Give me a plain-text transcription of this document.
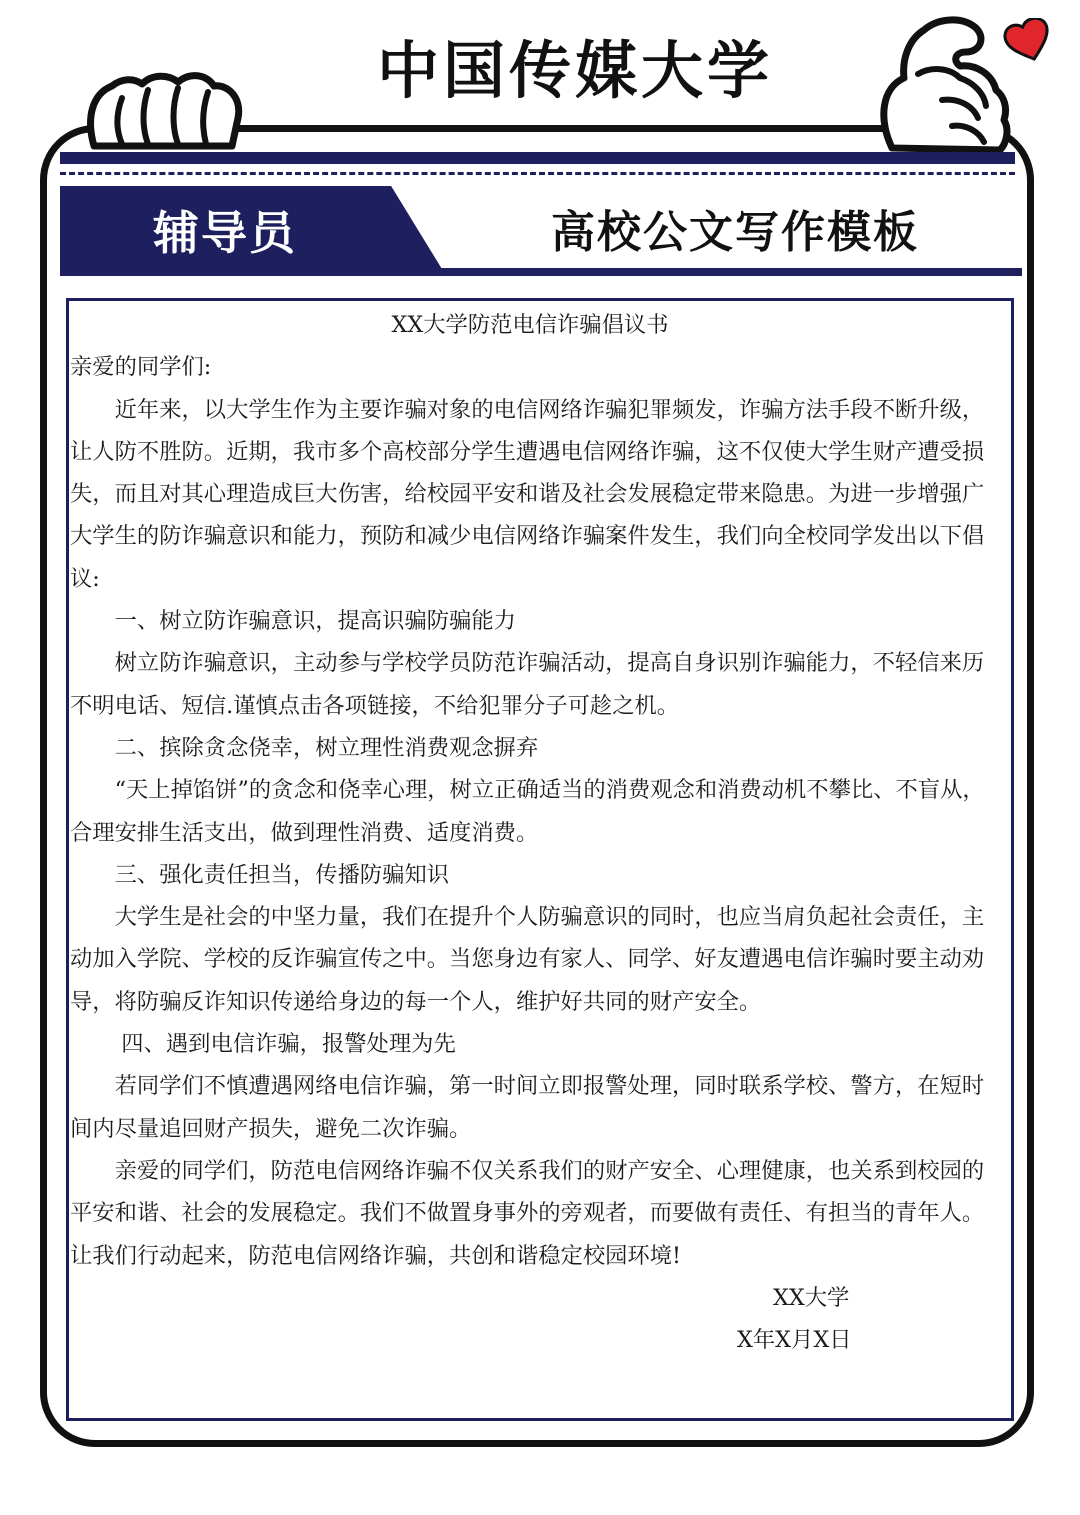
中国传媒大学
辅导员	高校公文写作模板

XX大学防范电信诈骗倡议书

亲爱的同学们:

近年来，以大学生作为主要诈骗对象的电信网络诈骗犯罪频发，诈骗方法手段不断升级，让人防不胜防。近期，我市多个高校部分学生遭遇电信网络诈骗，这不仅使大学生财产遭受损失，而且对其心理造成巨大伤害，给校园平安和谐及社会发展稳定带来隐患。为进一步增强广大学生的防诈骗意识和能力，预防和减少电信网络诈骗案件发生，我们向全校同学发出以下倡议:

一、树立防诈骗意识，提高识骗防骗能力

树立防诈骗意识，主动参与学校学员防范诈骗活动，提高自身识别诈骗能力，不轻信来历不明电话、短信.谨慎点击各项链接，不给犯罪分子可趁之机。

二、摈除贪念侥幸，树立理性消费观念摒弃

“天上掉馅饼”的贪念和侥幸心理，树立正确适当的消费观念和消费动机不攀比、不盲从，合理安排生活支出，做到理性消费、适度消费。

三、强化责任担当，传播防骗知识

大学生是社会的中坚力量，我们在提升个人防骗意识的同时，也应当肩负起社会责任，主动加入学院、学校的反诈骗宣传之中。当您身边有家人、同学、好友遭遇电信诈骗时要主动劝导，将防骗反诈知识传递给身边的每一个人，维护好共同的财产安全。

四、遇到电信诈骗，报警处理为先

若同学们不慎遭遇网络电信诈骗，第一时间立即报警处理，同时联系学校、警方，在短时间内尽量追回财产损失，避免二次诈骗。

亲爱的同学们，防范电信网络诈骗不仅关系我们的财产安全、心理健康，也关系到校园的平安和谐、社会的发展稳定。我们不做置身事外的旁观者，而要做有责任、有担当的青年人。让我们行动起来，防范电信网络诈骗，共创和谐稳定校园环境!

XX大学

X年X月X日
